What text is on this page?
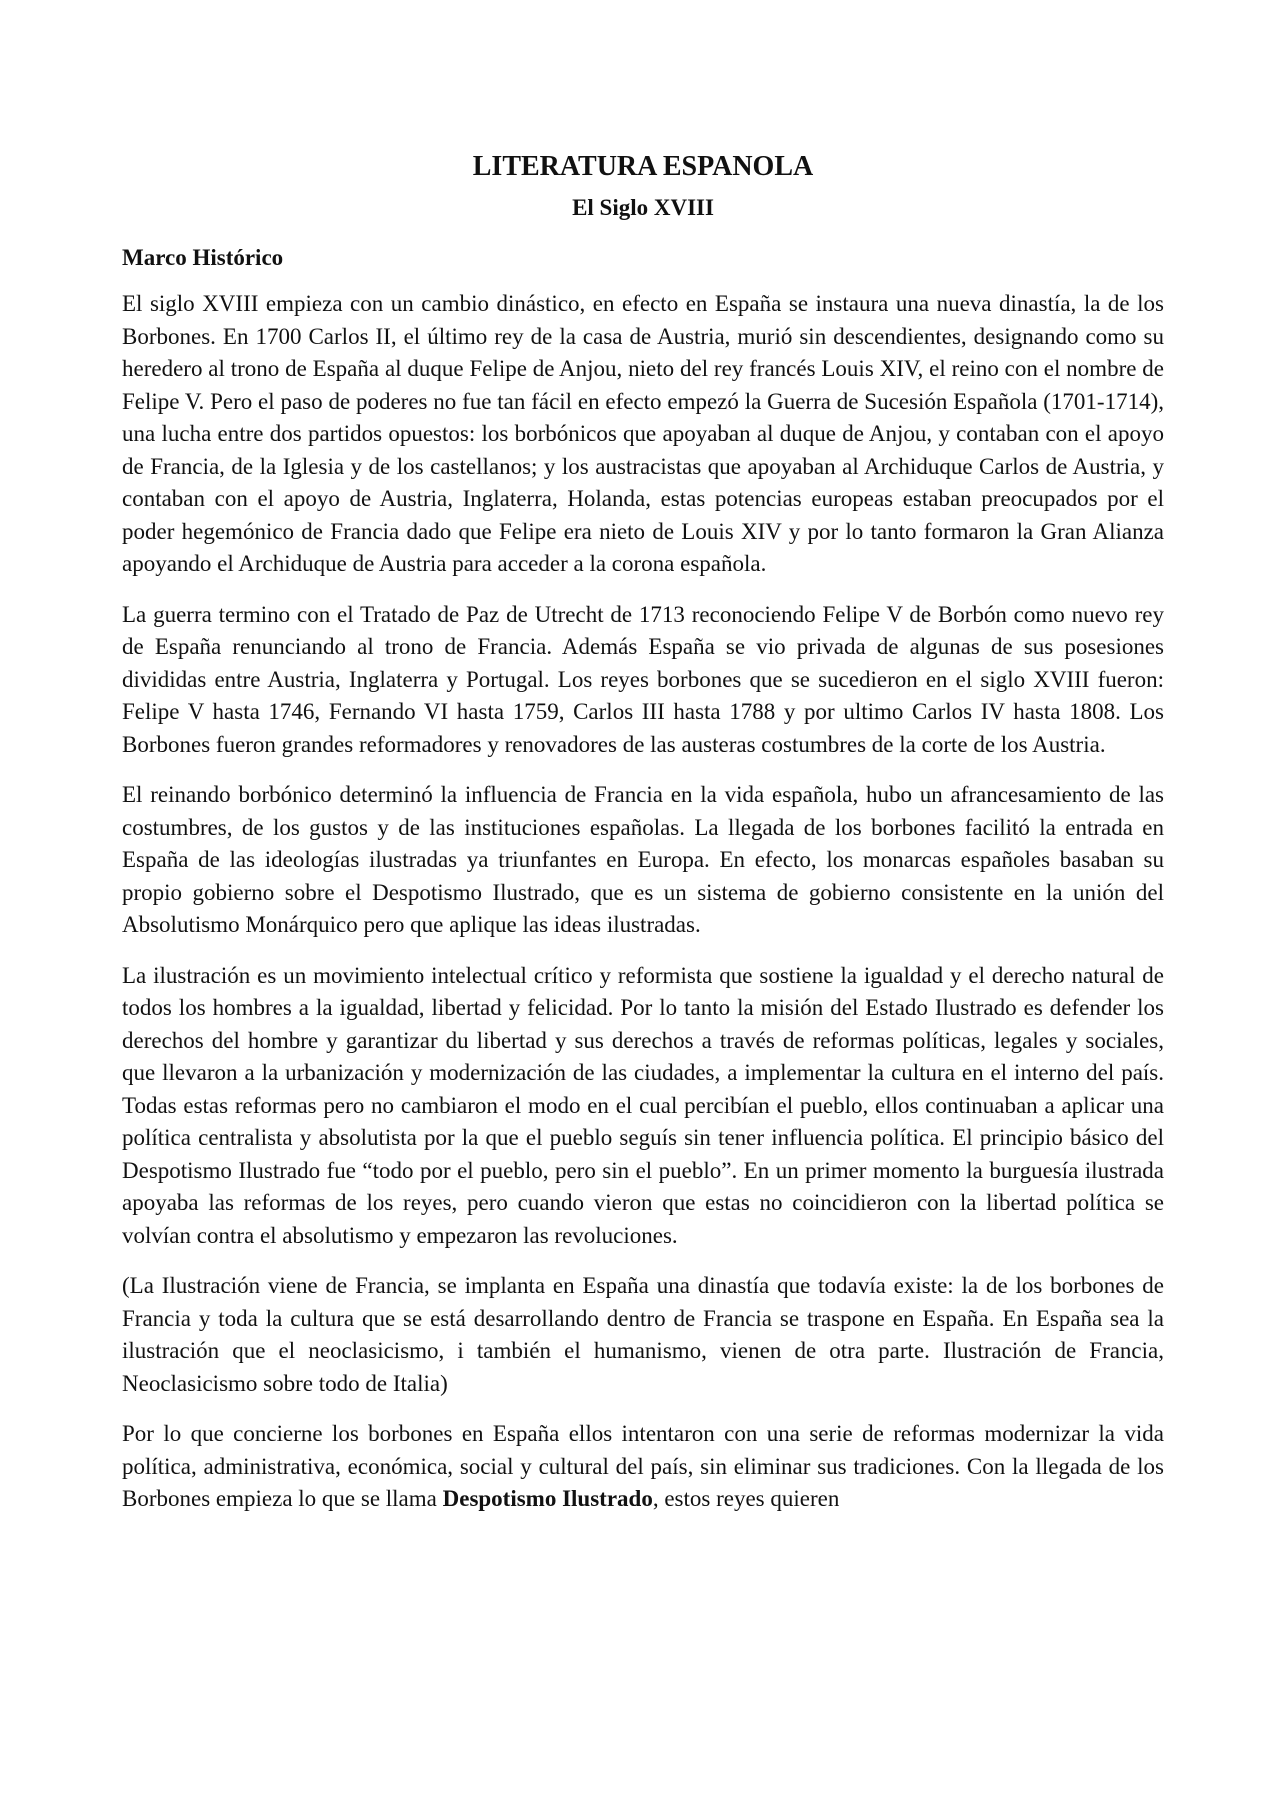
LITERATURA ESPANOLA
El Siglo XVIII
Marco Histórico

El siglo XVIII empieza con un cambio dinástico, en efecto en España se instaura una nueva dinastía, la de los Borbones. En 1700 Carlos II, el último rey de la casa de Austria, murió sin descendientes, designando como su heredero al trono de España al duque Felipe de Anjou, nieto del rey francés Louis XIV, el reino con el nombre de Felipe V. Pero el paso de poderes no fue tan fácil en efecto empezó la Guerra de Sucesión Española (1701-1714), una lucha entre dos partidos opuestos: los borbónicos que apoyaban al duque de Anjou, y contaban con el apoyo de Francia, de la Iglesia y de los castellanos; y los austracistas que apoyaban al Archiduque Carlos de Austria, y contaban con el apoyo de Austria, Inglaterra, Holanda, estas potencias europeas estaban preocupados por el poder hegemónico de Francia dado que Felipe era nieto de Louis XIV y por lo tanto formaron la Gran Alianza apoyando el Archiduque de Austria para acceder a la corona española.

La guerra termino con el Tratado de Paz de Utrecht de 1713 reconociendo Felipe V de Borbón como nuevo rey de España renunciando al trono de Francia. Además España se vio privada de algunas de sus posesiones divididas entre Austria, Inglaterra y Portugal. Los reyes borbones que se sucedieron en el siglo XVIII fueron: Felipe V hasta 1746, Fernando VI hasta 1759, Carlos III hasta 1788 y por ultimo Carlos IV hasta 1808. Los Borbones fueron grandes reformadores y renovadores de las austeras costumbres de la corte de los Austria.

El reinando borbónico determinó la influencia de Francia en la vida española, hubo un afrancesamiento de las costumbres, de los gustos y de las instituciones españolas. La llegada de los borbones facilitó la entrada en España de las ideologías ilustradas ya triunfantes en Europa. En efecto, los monarcas españoles basaban su propio gobierno sobre el Despotismo Ilustrado, que es un sistema de gobierno consistente en la unión del Absolutismo Monárquico pero que aplique las ideas ilustradas.

La ilustración es un movimiento intelectual crítico y reformista que sostiene la igualdad y el derecho natural de todos los hombres a la igualdad, libertad y felicidad. Por lo tanto la misión del Estado Ilustrado es defender los derechos del hombre y garantizar du libertad y sus derechos a través de reformas políticas, legales y sociales, que llevaron a la urbanización y modernización de las ciudades, a implementar la cultura en el interno del país. Todas estas reformas pero no cambiaron el modo en el cual percibían el pueblo, ellos continuaban a aplicar una política centralista y absolutista por la que el pueblo seguís sin tener influencia política. El principio básico del Despotismo Ilustrado fue “todo por el pueblo, pero sin el pueblo”. En un primer momento la burguesía ilustrada apoyaba las reformas de los reyes, pero cuando vieron que estas no coincidieron con la libertad política se volvían contra el absolutismo y empezaron las revoluciones.

(La Ilustración viene de Francia, se implanta en España una dinastía que todavía existe: la de los borbones de Francia y toda la cultura que se está desarrollando dentro de Francia se traspone en España. En España sea la ilustración que el neoclasicismo, i también el humanismo, vienen de otra parte. Ilustración de Francia, Neoclasicismo sobre todo de Italia)

Por lo que concierne los borbones en España ellos intentaron con una serie de reformas modernizar la vida política, administrativa, económica, social y cultural del país, sin eliminar sus tradiciones. Con la llegada de los Borbones empieza lo que se llama Despotismo Ilustrado, estos reyes quieren
